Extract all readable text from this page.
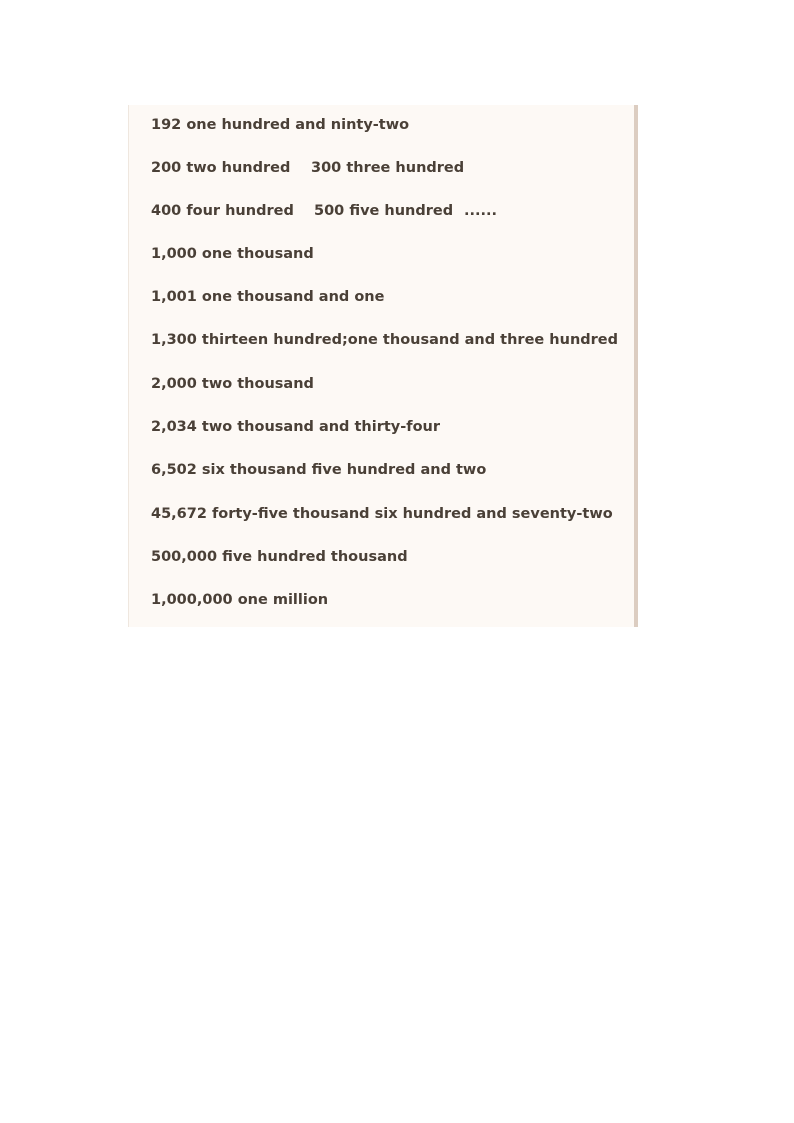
192 one hundred and ninty-two
200 two hundred 300 three hundred
400 four hundred 500 five hundred ......
1,000 one thousand
1,001 one thousand and one
1,300 thirteen hundred;one thousand and three hundred
2,000 two thousand
2,034 two thousand and thirty-four
6,502 six thousand five hundred and two
45,672 forty-five thousand six hundred and seventy-two
500,000 five hundred thousand
1,000,000 one million
